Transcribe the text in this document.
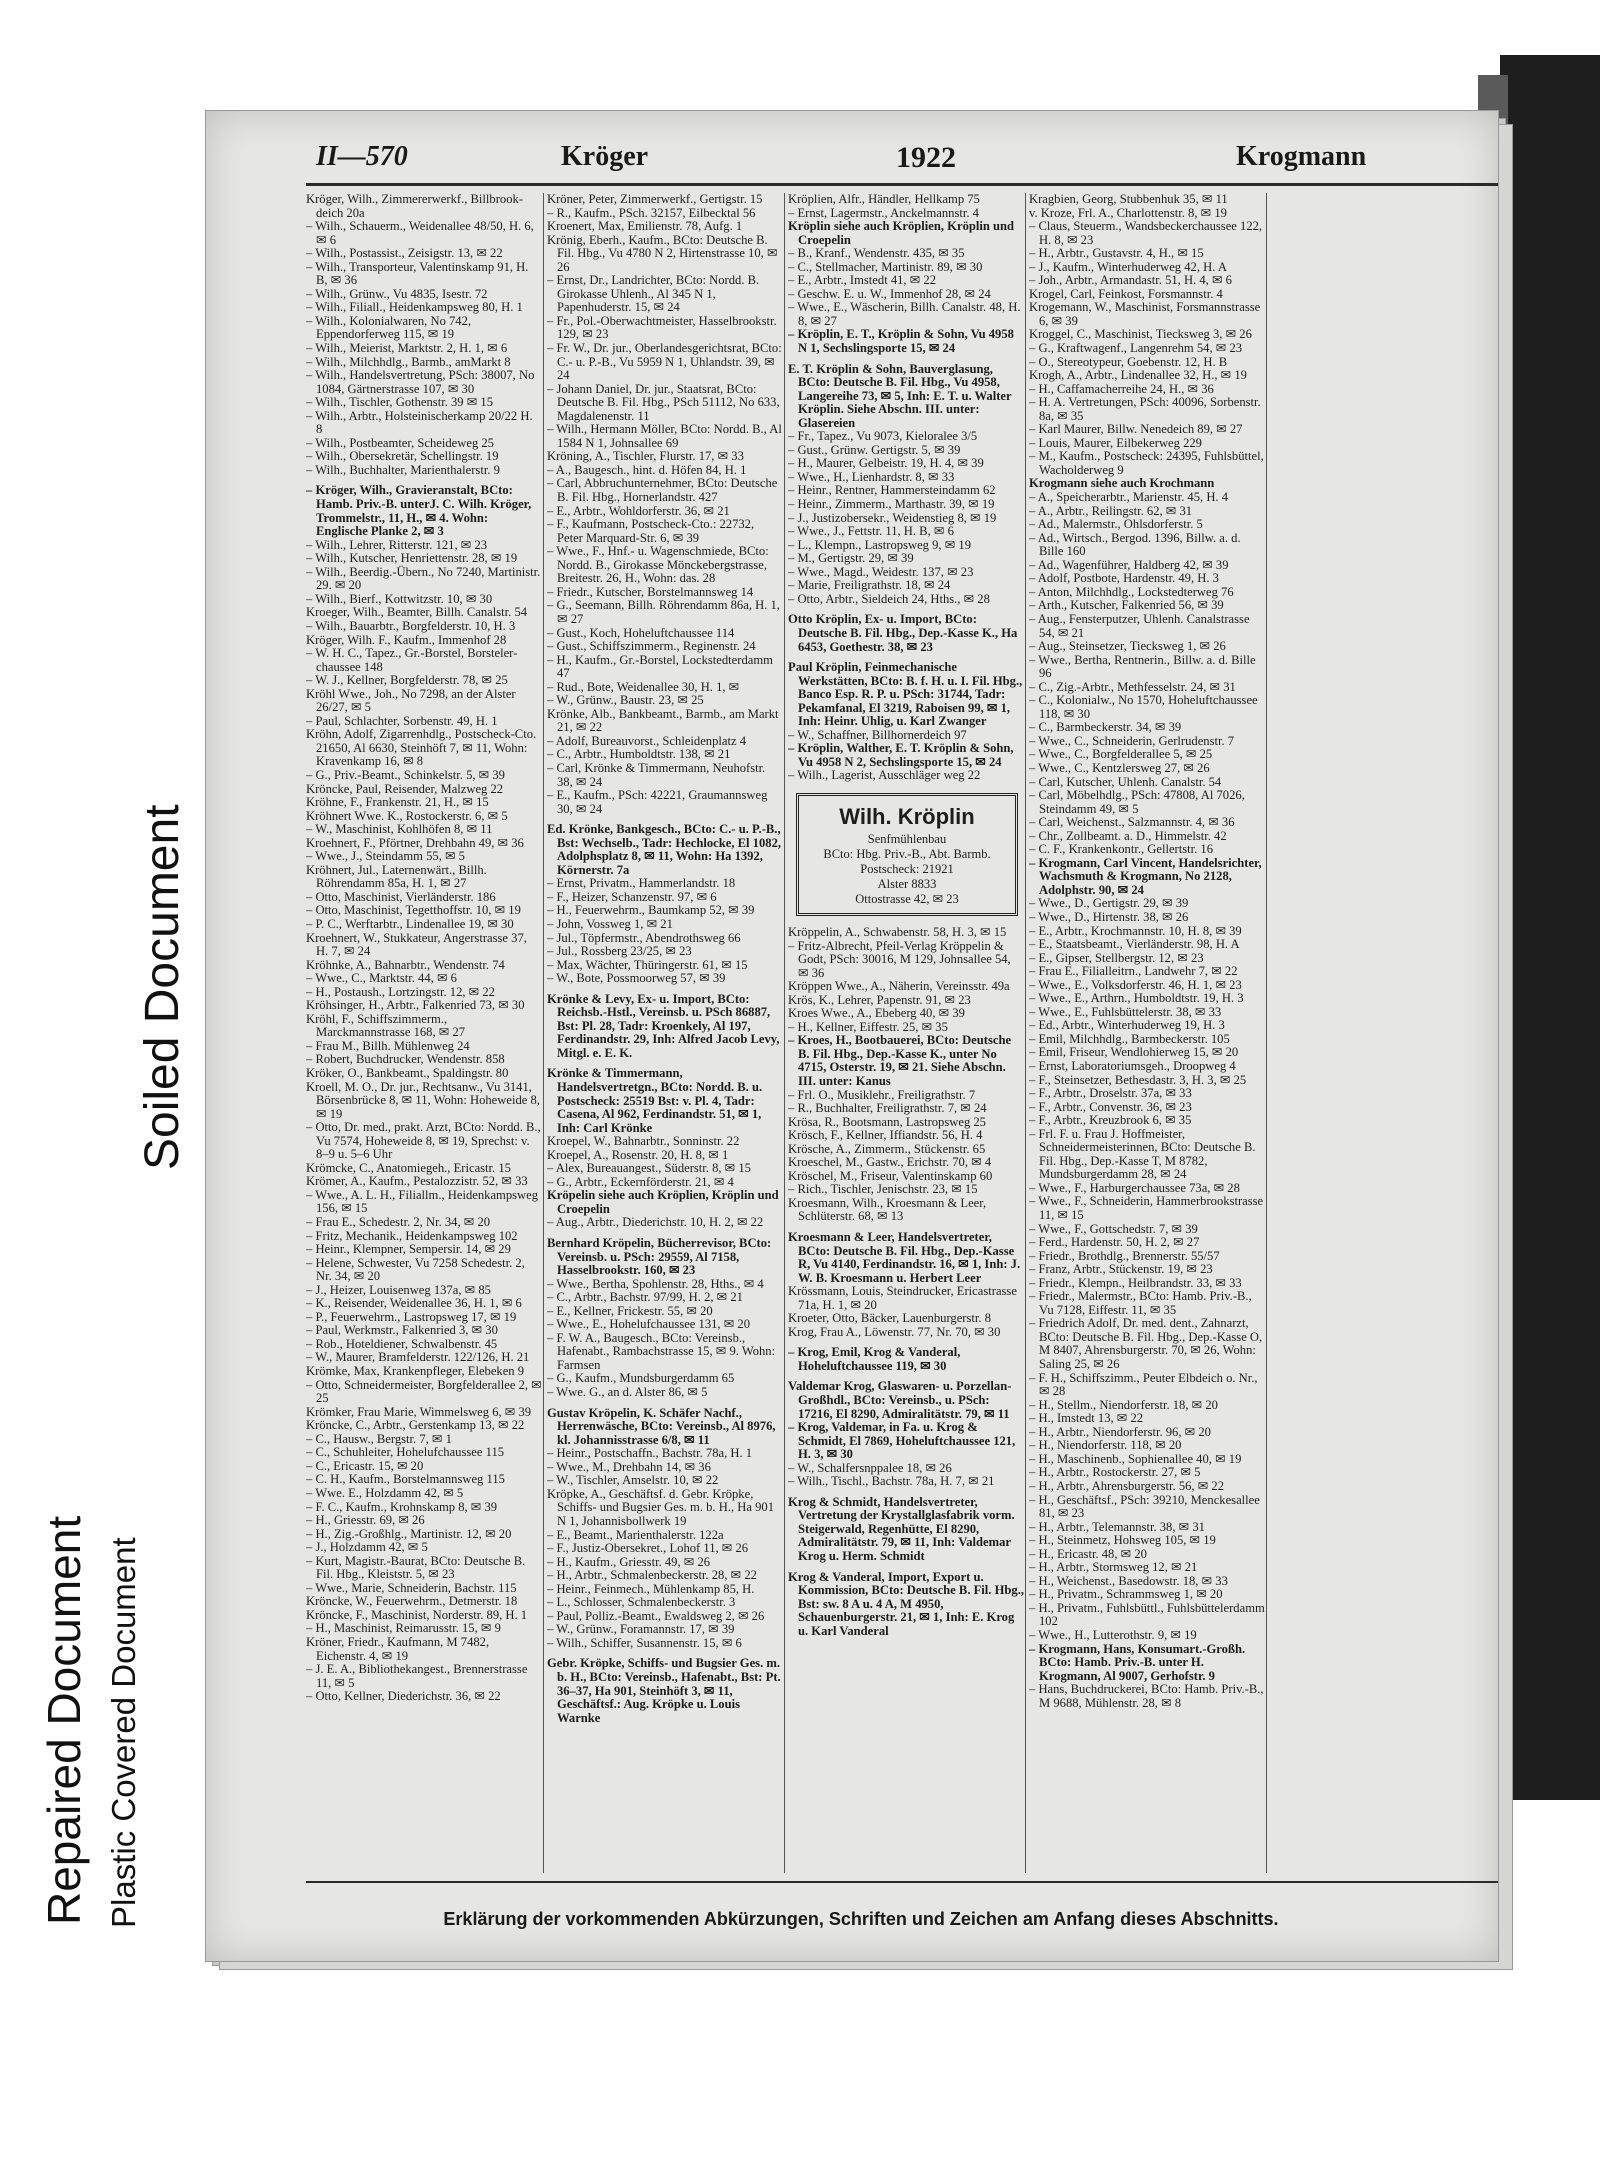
II—570	Kröger	1922	Krogmann

Kröger, Wilh., Zimmererwerkf., Billbrook-deich 20a

– Wilh., Schauerm., Weidenallee 48/50, H. 6, ✉ 6

– Wilh., Postassist., Zeisigstr. 13, ✉ 22

– Wilh., Transporteur, Valentinskamp 91, H. B, ✉ 36

– Wilh., Grünw., Vu 4835, Isestr. 72

– Wilh., Filiall., Heidenkampsweg 80, H. 1

– Wilh., Kolonialwaren, No 742, Eppendorferweg 115, ✉ 19

– Wilh., Meierist, Marktstr. 2, H. 1, ✉ 6

– Wilh., Milchhdlg., Barmb., amMarkt 8

– Wilh., Handelsvertretung, PSch: 38007, No 1084, Gärtnerstrasse 107, ✉ 30

– Wilh., Tischler, Gothenstr. 39 ✉ 15

– Wilh., Arbtr., Holsteinischerkamp 20/22 H. 8

– Wilh., Postbeamter, Scheideweg 25

– Wilh., Obersekretär, Schellingstr. 19

– Wilh., Buchhalter, Marienthalerstr. 9

– Kröger, Wilh., Gravieranstalt, BCto: Hamb. Priv.-B. unterJ. C. Wilh. Kröger, Trommelstr., 11, H., ✉ 4. Wohn: Englische Planke 2, ✉ 3

– Wilh., Lehrer, Ritterstr. 121, ✉ 23

– Wilh., Kutscher, Henriettenstr. 28, ✉ 19

– Wilh., Beerdig.-Übern., No 7240, Martinistr. 29. ✉ 20

– Wilh., Bierf., Kottwitzstr. 10, ✉ 30

Kroeger, Wilh., Beamter, Billh. Canalstr. 54

– Wilh., Bauarbtr., Borgfelderstr. 10, H. 3

Kröger, Wilh. F., Kaufm., Immenhof 28

– W. H. C., Tapez., Gr.-Borstel, Borsteler-chaussee 148

– W. J., Kellner, Borgfelderstr. 78, ✉ 25

Kröhl Wwe., Joh., No 7298, an der Alster 26/27, ✉ 5

– Paul, Schlachter, Sorbenstr. 49, H. 1

Kröhn, Adolf, Zigarrenhdlg., Postscheck-Cto. 21650, Al 6630, Steinhöft 7, ✉ 11, Wohn: Kravenkamp 16, ✉ 8

– G., Priv.-Beamt., Schinkelstr. 5, ✉ 39

Kröncke, Paul, Reisender, Malzweg 22

Kröhne, F., Frankenstr. 21, H., ✉ 15

Kröhnert Wwe. K., Rostockerstr. 6, ✉ 5

– W., Maschinist, Kohlhöfen 8, ✉ 11

Kroehnert, F., Pförtner, Drehbahn 49, ✉ 36

– Wwe., J., Steindamm 55, ✉ 5

Kröhnert, Jul., Laternenwärt., Billh. Röhrendamm 85a, H. 1, ✉ 27

– Otto, Maschinist, Vierländerstr. 186

– Otto, Maschinist, Tegetthoffstr. 10, ✉ 19

– P. C., Werftarbtr., Lindenallee 19, ✉ 30

Kroehnert, W., Stukkateur, Angerstrasse 37, H. 7, ✉ 24

Kröhnke, A., Bahnarbtr., Wendenstr. 74

– Wwe., C., Marktstr. 44, ✉ 6

– H., Postaush., Lortzingstr. 12, ✉ 22

Kröhsinger, H., Arbtr., Falkenried 73, ✉ 30

Kröhl, F., Schiffszimmerm., Marckmannstrasse 168, ✉ 27

– Frau M., Billh. Mühlenweg 24

– Robert, Buchdrucker, Wendenstr. 858

Kröker, O., Bankbeamt., Spaldingstr. 80

Kroell, M. O., Dr. jur., Rechtsanw., Vu 3141, Börsenbrücke 8, ✉ 11, Wohn: Hoheweide 8, ✉ 19

– Otto, Dr. med., prakt. Arzt, BCto: Nordd. B., Vu 7574, Hoheweide 8, ✉ 19, Sprechst: v. 8–9 u. 5–6 Uhr

Krömcke, C., Anatomiegeh., Ericastr. 15

Krömer, A., Kaufm., Pestalozzistr. 52, ✉ 33

– Wwe., A. L. H., Filiallm., Heidenkampsweg 156, ✉ 15

– Frau E., Schedestr. 2, Nr. 34, ✉ 20

– Fritz, Mechanik., Heidenkampsweg 102

– Heinr., Klempner, Sempersir. 14, ✉ 29

– Helene, Schwester, Vu 7258 Schedestr. 2, Nr. 34, ✉ 20

– J., Heizer, Louisenweg 137a, ✉ 85

– K., Reisender, Weidenallee 36, H. 1, ✉ 6

– P., Feuerwehrm., Lastropsweg 17, ✉ 19

– Paul, Werkmstr., Falkenried 3, ✉ 30

– Rob., Hoteldiener, Schwalbenstr. 45

– W., Maurer, Bramfelderstr. 122/126, H. 21

Krömke, Max, Krankenpfleger, Elebeken 9

– Otto, Schneidermeister, Borgfelderallee 2, ✉ 25

Krömker, Frau Marie, Wimmelsweg 6, ✉ 39

Kröncke, C., Arbtr., Gerstenkamp 13, ✉ 22

– C., Hausw., Bergstr. 7, ✉ 1

– C., Schuhleiter, Hohelufchaussee 115

– C., Ericastr. 15, ✉ 20

– C. H., Kaufm., Borstelmannsweg 115

– Wwe. E., Holzdamm 42, ✉ 5

– F. C., Kaufm., Krohnskamp 8, ✉ 39

– H., Griesstr. 69, ✉ 26

– H., Zig.-Großhlg., Martinistr. 12, ✉ 20

– J., Holzdamm 42, ✉ 5

– Kurt, Magistr.-Baurat, BCto: Deutsche B. Fil. Hbg., Kleiststr. 5, ✉ 23

– Wwe., Marie, Schneiderin, Bachstr. 115

Kröncke, W., Feuerwehrm., Detmerstr. 18

Kröncke, F., Maschinist, Norderstr. 89, H. 1

– H., Maschinist, Reimarusstr. 15, ✉ 9

Kröner, Friedr., Kaufmann, M 7482, Eichenstr. 4, ✉ 19

– J. E. A., Bibliothekangest., Brennerstrasse 11, ✉ 5

– Otto, Kellner, Diederichstr. 36, ✉ 22

Kröner, Peter, Zimmerwerkf., Gertigstr. 15

– R., Kaufm., PSch. 32157, Eilbecktal 56

Kroenert, Max, Emilienstr. 78, Aufg. 1

Krönig, Eberh., Kaufm., BCto: Deutsche B. Fil. Hbg., Vu 4780 N 2, Hirtenstrasse 10, ✉ 26

– Ernst, Dr., Landrichter, BCto: Nordd. B. Girokasse Uhlenh., Al 345 N 1, Papenhuderstr. 15, ✉ 24

– Fr., Pol.-Oberwachtmeister, Hasselbrookstr. 129, ✉ 23

– Fr. W., Dr. jur., Oberlandesgerichtsrat, BCto: C.- u. P.-B., Vu 5959 N 1, Uhlandstr. 39, ✉ 24

– Johann Daniel, Dr. jur., Staatsrat, BCto: Deutsche B. Fil. Hbg., PSch 51112, No 633, Magdalenenstr. 11

– Wilh., Hermann Möller, BCto: Nordd. B., Al 1584 N 1, Johnsallee 69

Kröning, A., Tischler, Flurstr. 17, ✉ 33

– A., Baugesch., hint. d. Höfen 84, H. 1

– Carl, Abbruchunternehmer, BCto: Deutsche B. Fil. Hbg., Hornerlandstr. 427

– E., Arbtr., Wohldorferstr. 36, ✉ 21

– F., Kaufmann, Postscheck-Cto.: 22732, Peter Marquard-Str. 6, ✉ 39

– Wwe., F., Hnf.- u. Wagenschmiede, BCto: Nordd. B., Girokasse Mönckebergstrasse, Breitestr. 26, H., Wohn: das. 28

– Friedr., Kutscher, Borstelmannsweg 14

– G., Seemann, Billh. Röhrendamm 86a, H. 1, ✉ 27

– Gust., Koch, Hoheluftchaussee 114

– Gust., Schiffszimmerm., Reginenstr. 24

– H., Kaufm., Gr.-Borstel, Lockstedterdamm 47

– Rud., Bote, Weidenallee 30, H. 1, ✉

– W., Grünw., Baustr. 23, ✉ 25

Krönke, Alb., Bankbeamt., Barmb., am Markt 21, ✉ 22

– Adolf, Bureauvorst., Schleidenplatz 4

– C., Arbtr., Humboldtstr. 138, ✉ 21

– Carl, Krönke & Timmermann, Neuhofstr. 38, ✉ 24

– E., Kaufm., PSch: 42221, Graumannsweg 30, ✉ 24

Ed. Krönke, Bankgesch., BCto: C.- u. P.-B., Bst: Wechselb., Tadr: Hechlocke, El 1082, Adolphsplatz 8, ✉ 11, Wohn: Ha 1392, Körnerstr. 7a

– Ernst, Privatm., Hammerlandstr. 18

– F., Heizer, Schanzenstr. 97, ✉ 6

– H., Feuerwehrm., Baumkamp 52, ✉ 39

– John, Vossweg 1, ✉ 21

– Jul., Töpfermstr., Abendrothsweg 66

– Jul., Rossberg 23/25, ✉ 23

– Max, Wächter, Thüringerstr. 61, ✉ 15

– W., Bote, Possmoorweg 57, ✉ 39

Krönke & Levy, Ex- u. Import, BCto: Reichsb.-Hstl., Vereinsb. u. PSch 86887, Bst: Pl. 28, Tadr: Kroenkely, Al 197, Ferdinandstr. 29, Inh: Alfred Jacob Levy, Mitgl. e. E. K.

Krönke & Timmermann, Handelsvertretgn., BCto: Nordd. B. u. Postscheck: 25519 Bst: v. Pl. 4, Tadr: Casena, Al 962, Ferdinandstr. 51, ✉ 1, Inh: Carl Krönke

Kroepel, W., Bahnarbtr., Sonninstr. 22

Kroepel, A., Rosenstr. 20, H. 8, ✉ 1

– Alex, Bureauangest., Süderstr. 8, ✉ 15

– G., Arbtr., Eckernförderstr. 21, ✉ 4

Kröpelin siehe auch Kröplien, Kröplin und Croepelin

– Aug., Arbtr., Diederichstr. 10, H. 2, ✉ 22

Bernhard Kröpelin, Bücherrevisor, BCto: Vereinsb. u. PSch: 29559, Al 7158, Hasselbrookstr. 160, ✉ 23

– Wwe., Bertha, Spohlenstr. 28, Hths., ✉ 4

– C., Arbtr., Bachstr. 97/99, H. 2, ✉ 21

– E., Kellner, Frickestr. 55, ✉ 20

– Wwe., E., Hohelufchaussee 131, ✉ 20

– F. W. A., Baugesch., BCto: Vereinsb., Hafenabt., Rambachstrasse 15, ✉ 9. Wohn: Farmsen

– G., Kaufm., Mundsburgerdamm 65

– Wwe. G., an d. Alster 86, ✉ 5

Gustav Kröpelin, K. Schäfer Nachf., Herrenwäsche, BCto: Vereinsb., Al 8976, kl. Johannisstrasse 6/8, ✉ 11

– Heinr., Postschaffn., Bachstr. 78a, H. 1

– Wwe., M., Drehbahn 14, ✉ 36

– W., Tischler, Amselstr. 10, ✉ 22

Kröpke, A., Geschäftsf. d. Gebr. Kröpke, Schiffs- und Bugsier Ges. m. b. H., Ha 901 N 1, Johannisbollwerk 19

– E., Beamt., Marienthalerstr. 122a

– F., Justiz-Obersekret., Lohof 11, ✉ 26

– H., Kaufm., Griesstr. 49, ✉ 26

– H., Arbtr., Schmalenbeckerstr. 28, ✉ 22

– Heinr., Feinmech., Mühlenkamp 85, H.

– L., Schlosser, Schmalenbeckerstr. 3

– Paul, Polliz.-Beamt., Ewaldsweg 2, ✉ 26

– W., Grünw., Foramannstr. 17, ✉ 39

– Wilh., Schiffer, Susannenstr. 15, ✉ 6

Gebr. Kröpke, Schiffs- und Bugsier Ges. m. b. H., BCto: Vereinsb., Hafenabt., Bst: Pt. 36–37, Ha 901, Steinhöft 3, ✉ 11, Geschäftsf.: Aug. Kröpke u. Louis Warnke

Kröplien, Alfr., Händler, Hellkamp 75

– Ernst, Lagermstr., Anckelmannstr. 4

Kröplin siehe auch Kröplien, Kröplin und Croepelin

– B., Kranf., Wendenstr. 435, ✉ 35

– C., Stellmacher, Martinistr. 89, ✉ 30

– E., Arbtr., Imstedt 41, ✉ 22

– Geschw. E. u. W., Immenhof 28, ✉ 24

– Wwe., E., Wäscherin, Billh. Canalstr. 48, H. 8, ✉ 27

– Kröplin, E. T., Kröplin & Sohn, Vu 4958 N 1, Sechslingsporte 15, ✉ 24

E. T. Kröplin & Sohn, Bauverglasung, BCto: Deutsche B. Fil. Hbg., Vu 4958, Langereihe 73, ✉ 5, Inh: E. T. u. Walter Kröplin. Siehe Abschn. III. unter: Glasereien

– Fr., Tapez., Vu 9073, Kieloralee 3/5

– Gust., Grünw. Gertigstr. 5, ✉ 39

– H., Maurer, Gelbeistr. 19, H. 4, ✉ 39

– Wwe., H., Lienhardstr. 8, ✉ 33

– Heinr., Rentner, Hammersteindamm 62

– Heinr., Zimmerm., Marthastr. 39, ✉ 19

– J., Justizobersekr., Weidenstieg 8, ✉ 19

– Wwe., J., Fettstr. 11, H. B, ✉ 6

– L., Klempn., Lastropsweg 9, ✉ 19

– M., Gertigstr. 29, ✉ 39

– Wwe., Magd., Weidestr. 137, ✉ 23

– Marie, Freiligrathstr. 18, ✉ 24

– Otto, Arbtr., Sieldeich 24, Hths., ✉ 28

Otto Kröplin, Ex- u. Import, BCto: Deutsche B. Fil. Hbg., Dep.-Kasse K., Ha 6453, Goethestr. 38, ✉ 23

Paul Kröplin, Feinmechanische Werkstätten, BCto: B. f. H. u. I. Fil. Hbg., Banco Esp. R. P. u. PSch: 31744, Tadr: Pekamfanal, El 3219, Raboisen 99, ✉ 1, Inh: Heinr. Uhlig, u. Karl Zwanger

– W., Schaffner, Billhornerdeich 97

– Kröplin, Walther, E. T. Kröplin & Sohn, Vu 4958 N 2, Sechslingsporte 15, ✉ 24

– Wilh., Lagerist, Ausschläger weg 22

Wilh. Kröplin
Senfmühlenbau
BCto: Hbg. Priv.-B., Abt. Barmb.
Postscheck: 21921
Alster 8833
Ottostrasse 42, ✉ 23

Kröppelin, A., Schwabenstr. 58, H. 3, ✉ 15

– Fritz-Albrecht, Pfeil-Verlag Kröppelin & Godt, PSch: 30016, M 129, Johnsallee 54, ✉ 36

Kröppen Wwe., A., Näherin, Vereinsstr. 49a

Krös, K., Lehrer, Papenstr. 91, ✉ 23

Kroes Wwe., A., Ebeberg 40, ✉ 39

– H., Kellner, Eiffestr. 25, ✉ 35

– Kroes, H., Bootbauerei, BCto: Deutsche B. Fil. Hbg., Dep.-Kasse K., unter No 4715, Osterstr. 19, ✉ 21. Siehe Abschn. III. unter: Kanus

– Frl. O., Musiklehr., Freiligrathstr. 7

– R., Buchhalter, Freiligrathstr. 7, ✉ 24

Krösa, R., Bootsmann, Lastropsweg 25

Krösch, F., Kellner, Iffiandstr. 56, H. 4

Krösche, A., Zimmerm., Stückenstr. 65

Kroeschel, M., Gastw., Erichstr. 70, ✉ 4

Kröschel, M., Friseur, Valentinskamp 60

– Rich., Tischler, Jenischstr. 23, ✉ 15

Kroesmann, Wilh., Kroesmann & Leer, Schlüterstr. 68, ✉ 13

Kroesmann & Leer, Handelsvertreter, BCto: Deutsche B. Fil. Hbg., Dep.-Kasse R, Vu 4140, Ferdinandstr. 16, ✉ 1, Inh: J. W. B. Kroesmann u. Herbert Leer

Krössmann, Louis, Steindrucker, Ericastrasse 71a, H. 1, ✉ 20

Kroeter, Otto, Bäcker, Lauenburgerstr. 8

Krog, Frau A., Löwenstr. 77, Nr. 70, ✉ 30

– Krog, Emil, Krog & Vanderal, Hoheluftchaussee 119, ✉ 30

Valdemar Krog, Glaswaren- u. Porzellan-Großhdl., BCto: Vereinsb., u. PSch: 17216, El 8290, Admiralitätstr. 79, ✉ 11

– Krog, Valdemar, in Fa. u. Krog & Schmidt, El 7869, Hoheluftchaussee 121, H. 3, ✉ 30

– W., Schalfersnppalee 18, ✉ 26

– Wilh., Tischl., Bachstr. 78a, H. 7, ✉ 21

Krog & Schmidt, Handelsvertreter, Vertretung der Krystallglasfabrik vorm. Steigerwald, Regenhütte, El 8290, Admiralitätstr. 79, ✉ 11, Inh: Valdemar Krog u. Herm. Schmidt

Krog & Vanderal, Import, Export u. Kommission, BCto: Deutsche B. Fil. Hbg., Bst: sw. 8 A u. 4 A, M 4950, Schauenburgerstr. 21, ✉ 1, Inh: E. Krog u. Karl Vanderal

Kragbien, Georg, Stubbenhuk 35, ✉ 11

v. Kroze, Frl. A., Charlottenstr. 8, ✉ 19

– Claus, Steuerm., Wandsbeckerchaussee 122, H. 8, ✉ 23

– H., Arbtr., Gustavstr. 4, H., ✉ 15

– J., Kaufm., Winterhuderweg 42, H. A

– Joh., Arbtr., Armandastr. 51, H. 4, ✉ 6

Krogel, Carl, Feinkost, Forsmannstr. 4

Krogemann, W., Maschinist, Forsmannstrasse 6, ✉ 39

Kroggel, C., Maschinist, Tiecksweg 3, ✉ 26

– G., Kraftwagenf., Langenrehm 54, ✉ 23

– O., Stereotypeur, Goebenstr. 12, H. B

Krogh, A., Arbtr., Lindenallee 32, H., ✉ 19

– H., Caffamacherreihe 24, H., ✉ 36

– H. A. Vertretungen, PSch: 40096, Sorbenstr. 8a, ✉ 35

– Karl Maurer, Billw. Nenedeich 89, ✉ 27

– Louis, Maurer, Eilbekerweg 229

– M., Kaufm., Postscheck: 24395, Fuhlsbüttel, Wacholderweg 9

Krogmann siehe auch Krochmann

– A., Speicherarbtr., Marienstr. 45, H. 4

– A., Arbtr., Reilingstr. 62, ✉ 31

– Ad., Malermstr., Ohlsdorferstr. 5

– Ad., Wirtsch., Bergod. 1396, Billw. a. d. Bille 160

– Ad., Wagenführer, Haldberg 42, ✉ 39

– Adolf, Postbote, Hardenstr. 49, H. 3

– Anton, Milchhdlg., Lockstedterweg 76

– Arth., Kutscher, Falkenried 56, ✉ 39

– Aug., Fensterputzer, Uhlenh. Canalstrasse 54, ✉ 21

– Aug., Steinsetzer, Tiecksweg 1, ✉ 26

– Wwe., Bertha, Rentnerin., Billw. a. d. Bille 96

– C., Zig.-Arbtr., Methfesselstr. 24, ✉ 31

– C., Kolonialw., No 1570, Hoheluftchaussee 118, ✉ 30

– C., Barmbeckerstr. 34, ✉ 39

– Wwe., C., Schneiderin, Gerlrudenstr. 7

– Wwe., C., Borgfelderallee 5, ✉ 25

– Wwe., C., Kentzlersweg 27, ✉ 26

– Carl, Kutscher, Uhlenh. Canalstr. 54

– Carl, Möbelhdlg., PSch: 47808, Al 7026, Steindamm 49, ✉ 5

– Carl, Weichenst., Salzmannstr. 4, ✉ 36

– Chr., Zollbeamt. a. D., Himmelstr. 42

– C. F., Krankenkontr., Gellertstr. 16

– Krogmann, Carl Vincent, Handelsrichter, Wachsmuth & Krogmann, No 2128, Adolphstr. 90, ✉ 24

– Wwe., D., Gertigstr. 29, ✉ 39

– Wwe., D., Hirtenstr. 38, ✉ 26

– E., Arbtr., Krochmannstr. 10, H. 8, ✉ 39

– E., Staatsbeamt., Vierländerstr. 98, H. A

– E., Gipser, Stellbergstr. 12, ✉ 23

– Frau E., Filialleitrn., Landwehr 7, ✉ 22

– Wwe., E., Volksdorferstr. 46, H. 1, ✉ 23

– Wwe., E., Arthrn., Humboldtstr. 19, H. 3

– Wwe., E., Fuhlsbüttelerstr. 38, ✉ 33

– Ed., Arbtr., Winterhuderweg 19, H. 3

– Emil, Milchhdlg., Barmbeckerstr. 105

– Emil, Friseur, Wendlohierweg 15, ✉ 20

– Ernst, Laboratoriumsgeh., Droopweg 4

– F., Steinsetzer, Bethesdastr. 3, H. 3, ✉ 25

– F., Arbtr., Droselstr. 37a, ✉ 33

– F., Arbtr., Convenstr. 36, ✉ 23

– F., Arbtr., Kreuzbrook 6, ✉ 35

– Frl. F. u. Frau J. Hoffmeister, Schneidermeisterinnen, BCto: Deutsche B. Fil. Hbg., Dep.-Kasse T, M 8782, Mundsburgerdamm 28, ✉ 24

– Wwe., F., Harburgerchaussee 73a, ✉ 28

– Wwe., F., Schneiderin, Hammerbrookstrasse 11, ✉ 15

– Wwe., F., Gottschedstr. 7, ✉ 39

– Ferd., Hardenstr. 50, H. 2, ✉ 27

– Friedr., Brothdlg., Brennerstr. 55/57

– Franz, Arbtr., Stückenstr. 19, ✉ 23

– Friedr., Klempn., Heilbrandstr. 33, ✉ 33

– Friedr., Malermstr., BCto: Hamb. Priv.-B., Vu 7128, Eiffestr. 11, ✉ 35

– Friedrich Adolf, Dr. med. dent., Zahnarzt, BCto: Deutsche B. Fil. Hbg., Dep.-Kasse O, M 8407, Ahrensburgerstr. 70, ✉ 26, Wohn: Saling 25, ✉ 26

– F. H., Schiffszimm., Peuter Elbdeich o. Nr., ✉ 28

– H., Stellm., Niendorferstr. 18, ✉ 20

– H., Imstedt 13, ✉ 22

– H., Arbtr., Niendorferstr. 96, ✉ 20

– H., Niendorferstr. 118, ✉ 20

– H., Maschinenb., Sophienallee 40, ✉ 19

– H., Arbtr., Rostockerstr. 27, ✉ 5

– H., Arbtr., Ahrensburgerstr. 56, ✉ 22

– H., Geschäftsf., PSch: 39210, Menckesallee 81, ✉ 23

– H., Arbtr., Telemannstr. 38, ✉ 31

– H., Steinmetz, Hohsweg 105, ✉ 19

– H., Ericastr. 48, ✉ 20

– H., Arbtr., Stormsweg 12, ✉ 21

– H., Weichenst., Basedowstr. 18, ✉ 33

– H., Privatm., Schrammsweg 1, ✉ 20

– H., Privatm., Fuhlsbüttl., Fuhlsbüttelerdamm 102

– Wwe., H., Lutterothstr. 9, ✉ 19

– Krogmann, Hans, Konsumart.-Großh. BCto: Hamb. Priv.-B. unter H. Krogmann, Al 9007, Gerhofstr. 9

– Hans, Buchdruckerei, BCto: Hamb. Priv.-B., M 9688, Mühlenstr. 28, ✉ 8

Erklärung der vorkommenden Abkürzungen, Schriften und Zeichen am Anfang dieses Abschnitts.
Soiled Document
Repaired Document Plastic Covered Document
